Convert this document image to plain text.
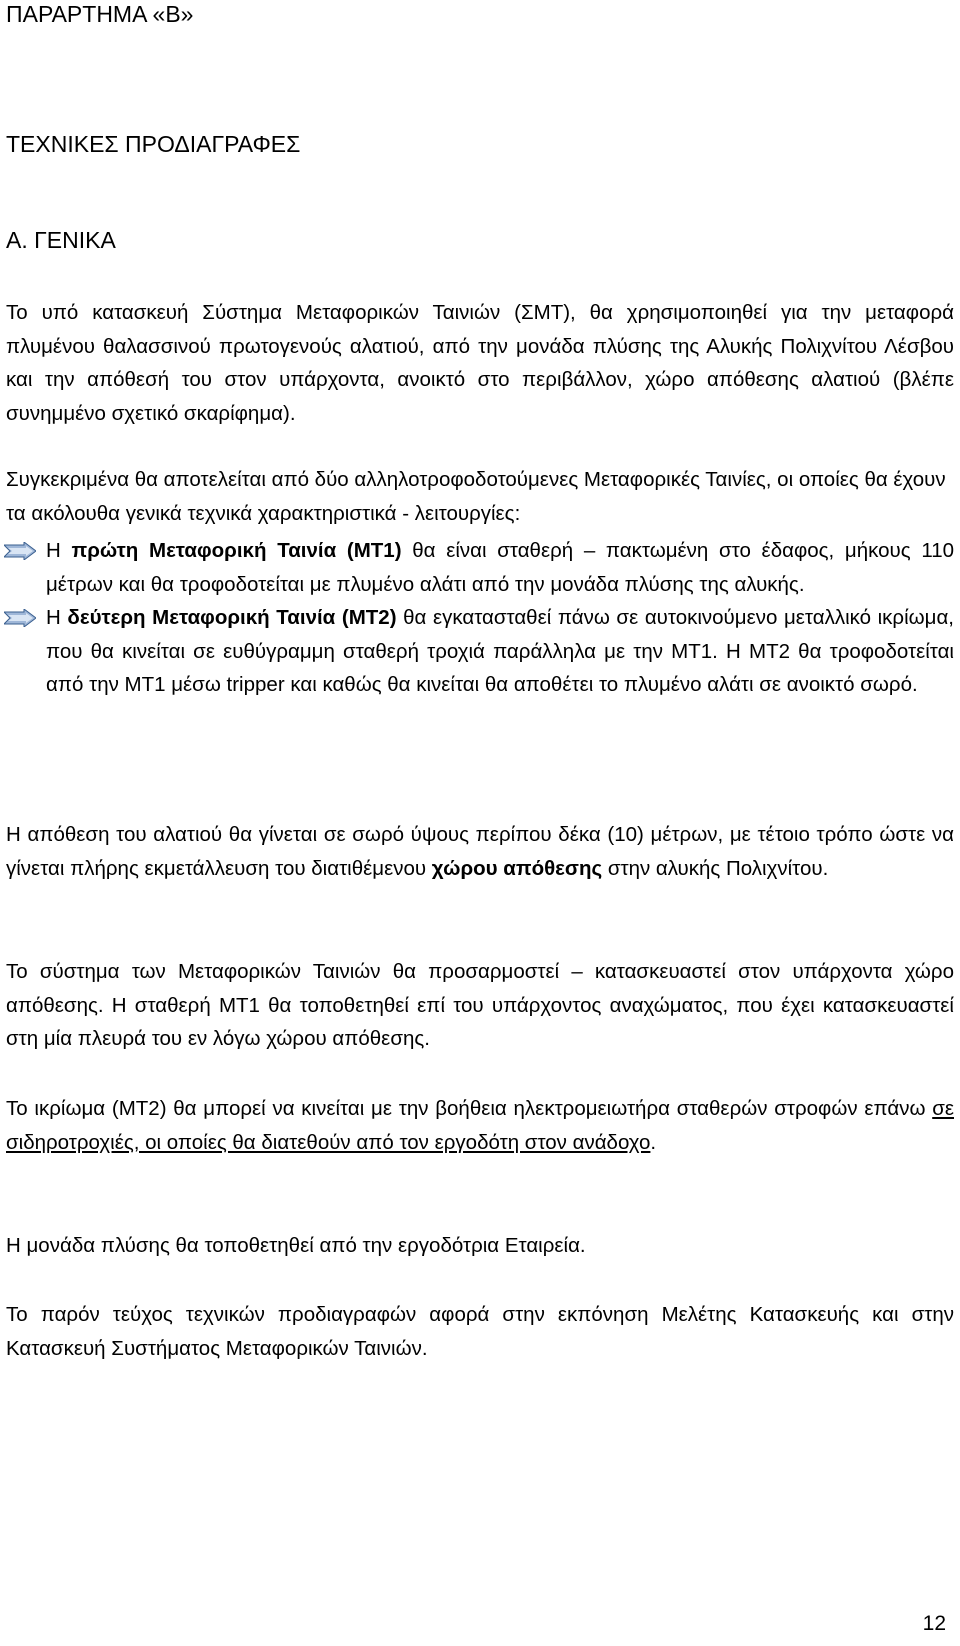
ΠΑΡΑΡΤΗΜΑ «Β»
ΤΕΧΝΙΚΕΣ ΠΡΟΔΙΑΓΡΑΦΕΣ
Α. ΓΕΝΙΚΑ
Το υπό κατασκευή Σύστημα Μεταφορικών Ταινιών (ΣΜΤ), θα χρησιμοποιηθεί για την μεταφορά πλυμένου θαλασσινού πρωτογενούς αλατιού, από την μονάδα πλύσης της Αλυκής Πολιχνίτου Λέσβου και την απόθεσή του στον υπάρχοντα, ανοικτό στο περιβάλλον, χώρο απόθεσης αλατιού (βλέπε συνημμένο σχετικό σκαρίφημα).
Συγκεκριμένα θα αποτελείται από δύο αλληλοτροφοδοτούμενες Μεταφορικές Ταινίες, οι οποίες θα έχουν τα ακόλουθα γενικά τεχνικά χαρακτηριστικά - λειτουργίες:
Η πρώτη Μεταφορική Ταινία (ΜΤ1) θα είναι σταθερή – πακτωμένη στο έδαφος, μήκους 110 μέτρων και θα τροφοδοτείται με πλυμένο αλάτι από την μονάδα πλύσης της αλυκής.
Η δεύτερη Μεταφορική Ταινία (ΜΤ2) θα εγκατασταθεί πάνω σε αυτοκινούμενο μεταλλικό ικρίωμα, που θα κινείται σε ευθύγραμμη σταθερή τροχιά παράλληλα με την ΜΤ1. Η ΜΤ2 θα τροφοδοτείται από την ΜΤ1 μέσω tripper και καθώς θα κινείται θα αποθέτει το πλυμένο αλάτι σε ανοικτό σωρό.
Η απόθεση του αλατιού θα γίνεται σε σωρό ύψους περίπου δέκα (10) μέτρων, με τέτοιο τρόπο ώστε να γίνεται πλήρης εκμετάλλευση του διατιθέμενου χώρου απόθεσης στην αλυκής Πολιχνίτου.
Το σύστημα των Μεταφορικών Ταινιών θα προσαρμοστεί – κατασκευαστεί στον υπάρχοντα χώρο απόθεσης. Η σταθερή ΜΤ1 θα τοποθετηθεί επί του υπάρχοντος αναχώματος, που έχει κατασκευαστεί στη μία πλευρά του εν λόγω χώρου απόθεσης.
Το ικρίωμα (ΜΤ2) θα μπορεί να κινείται με την βοήθεια ηλεκτρομειωτήρα σταθερών στροφών επάνω σε σιδηροτροχιές, οι οποίες θα διατεθούν από τον εργοδότη στον ανάδοχο.
Η μονάδα πλύσης θα τοποθετηθεί από την εργοδότρια Εταιρεία.
Το παρόν τεύχος τεχνικών προδιαγραφών αφορά στην εκπόνηση Μελέτης Κατασκευής και στην Κατασκευή Συστήματος Μεταφορικών Ταινιών.
12
